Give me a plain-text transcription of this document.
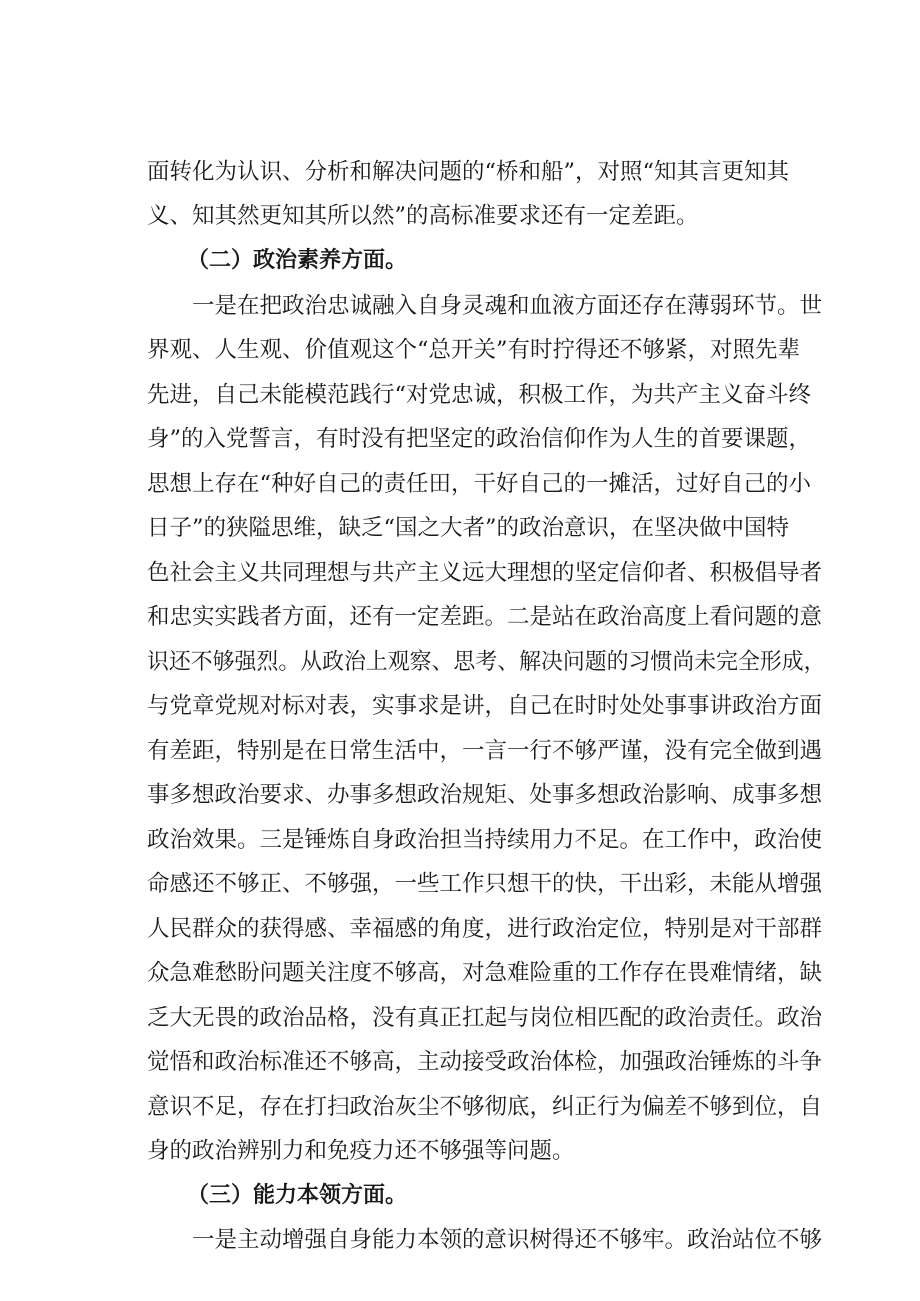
面转化为认识、分析和解决问题的“桥和船”，对照“知其言更知其
义、知其然更知其所以然”的高标准要求还有一定差距。
（二）政治素养方面。
一是在把政治忠诚融入自身灵魂和血液方面还存在薄弱环节。世
界观、人生观、价值观这个“总开关”有时拧得还不够紧，对照先辈
先进，自己未能模范践行“对党忠诚，积极工作，为共产主义奋斗终
身”的入党誓言，有时没有把坚定的政治信仰作为人生的首要课题，
思想上存在“种好自己的责任田，干好自己的一摊活，过好自己的小
日子”的狭隘思维，缺乏“国之大者”的政治意识，在坚决做中国特
色社会主义共同理想与共产主义远大理想的坚定信仰者、积极倡导者
和忠实实践者方面，还有一定差距。二是站在政治高度上看问题的意
识还不够强烈。从政治上观察、思考、解决问题的习惯尚未完全形成，
与党章党规对标对表，实事求是讲，自己在时时处处事事讲政治方面
有差距，特别是在日常生活中，一言一行不够严谨，没有完全做到遇
事多想政治要求、办事多想政治规矩、处事多想政治影响、成事多想
政治效果。三是锤炼自身政治担当持续用力不足。在工作中，政治使
命感还不够正、不够强，一些工作只想干的快，干出彩，未能从增强
人民群众的获得感、幸福感的角度，进行政治定位，特别是对干部群
众急难愁盼问题关注度不够高，对急难险重的工作存在畏难情绪，缺
乏大无畏的政治品格，没有真正扛起与岗位相匹配的政治责任。政治
觉悟和政治标准还不够高，主动接受政治体检，加强政治锤炼的斗争
意识不足，存在打扫政治灰尘不够彻底，纠正行为偏差不够到位，自
身的政治辨别力和免疫力还不够强等问题。
（三）能力本领方面。
一是主动增强自身能力本领的意识树得还不够牢。政治站位不够
